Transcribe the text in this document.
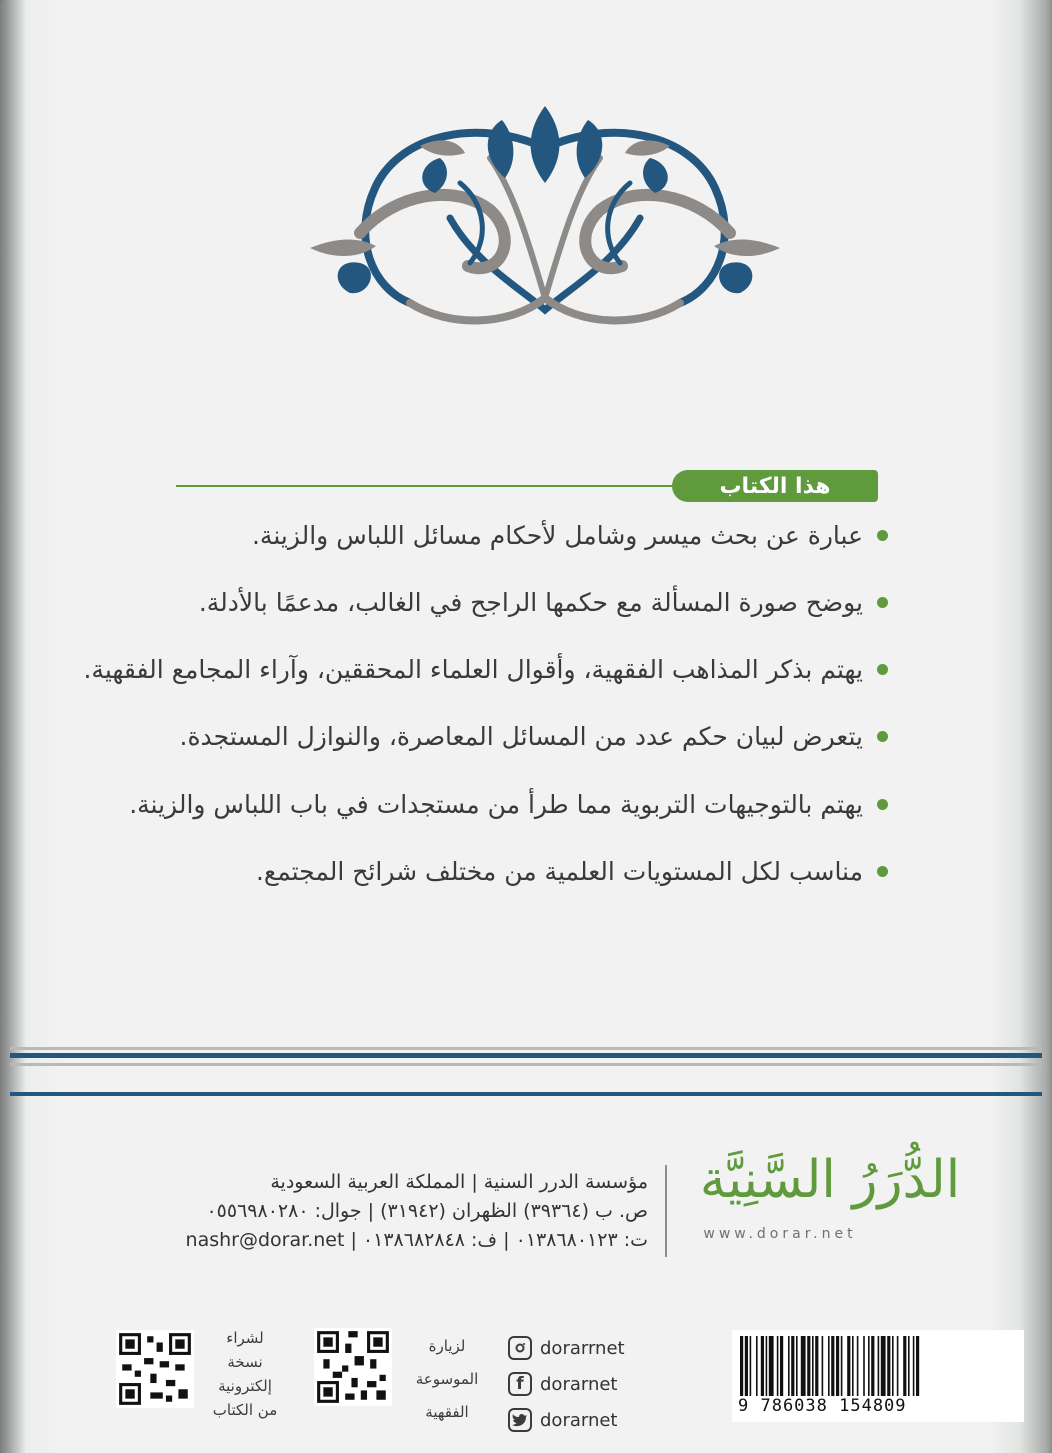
هذا الكتاب
عبارة عن بحث ميسر وشامل لأحكام مسائل اللباس والزينة.
يوضح صورة المسألة مع حكمها الراجح في الغالب، مدعمًا بالأدلة.
يهتم بذكر المذاهب الفقهية، وأقوال العلماء المحققين، وآراء المجامع الفقهية.
يتعرض لبيان حكم عدد من المسائل المعاصرة، والنوازل المستجدة.
يهتم بالتوجيهات التربوية مما طرأ من مستجدات في باب اللباس والزينة.
مناسب لكل المستويات العلمية من مختلف شرائح المجتمع.
الدُّرَرُ السَّنِيَّة
www.dorar.net
مؤسسة الدرر السنية | المملكة العربية السعودية
ص. ب (٣٩٣٦٤) الظهران (٣١٩٤٢) | جوال: ٠٥٥٦٩٨٠٢٨٠
ت: ٠١٣٨٦٨٠١٢٣ | ف: ٠١٣٨٦٨٢٨٤٨ | nashr@dorar.net
لشراء
نسخة
إلكترونية
من الكتاب
لزيارة
الموسوعة
الفقهية
dorarrnet
f dorarnet
dorarnet
9 786038 154809
